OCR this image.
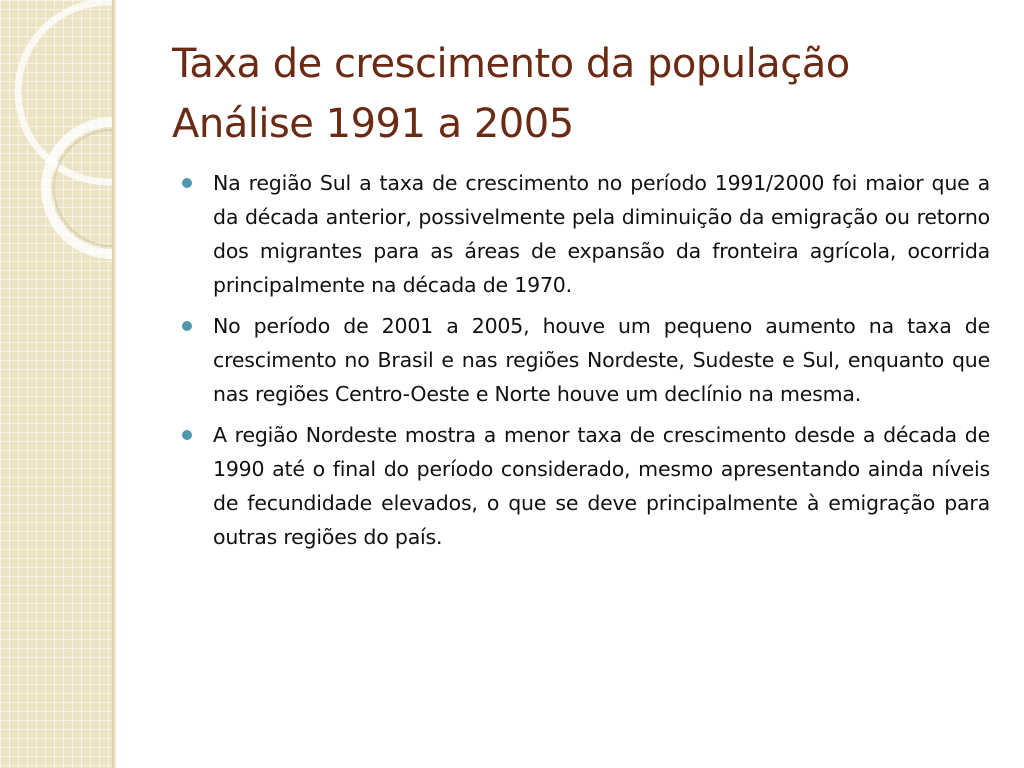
Taxa de crescimento da população
Análise 1991 a 2005
Na região Sul a taxa de crescimento no período 1991/2000 foi maior que a da década anterior, possivelmente pela diminuição da emigração ou retorno dos migrantes para as áreas de expansão da fronteira agrícola, ocorrida principalmente na década de 1970.
No período de 2001 a 2005, houve um pequeno aumento na taxa de crescimento no Brasil e nas regiões Nordeste, Sudeste e Sul, enquanto que nas regiões Centro-Oeste e Norte houve um declínio na mesma.
A região Nordeste mostra a menor taxa de crescimento desde a década de 1990 até o final do período considerado, mesmo apresentando ainda níveis de fecundidade elevados, o que se deve principalmente à emigração para outras regiões do país.
